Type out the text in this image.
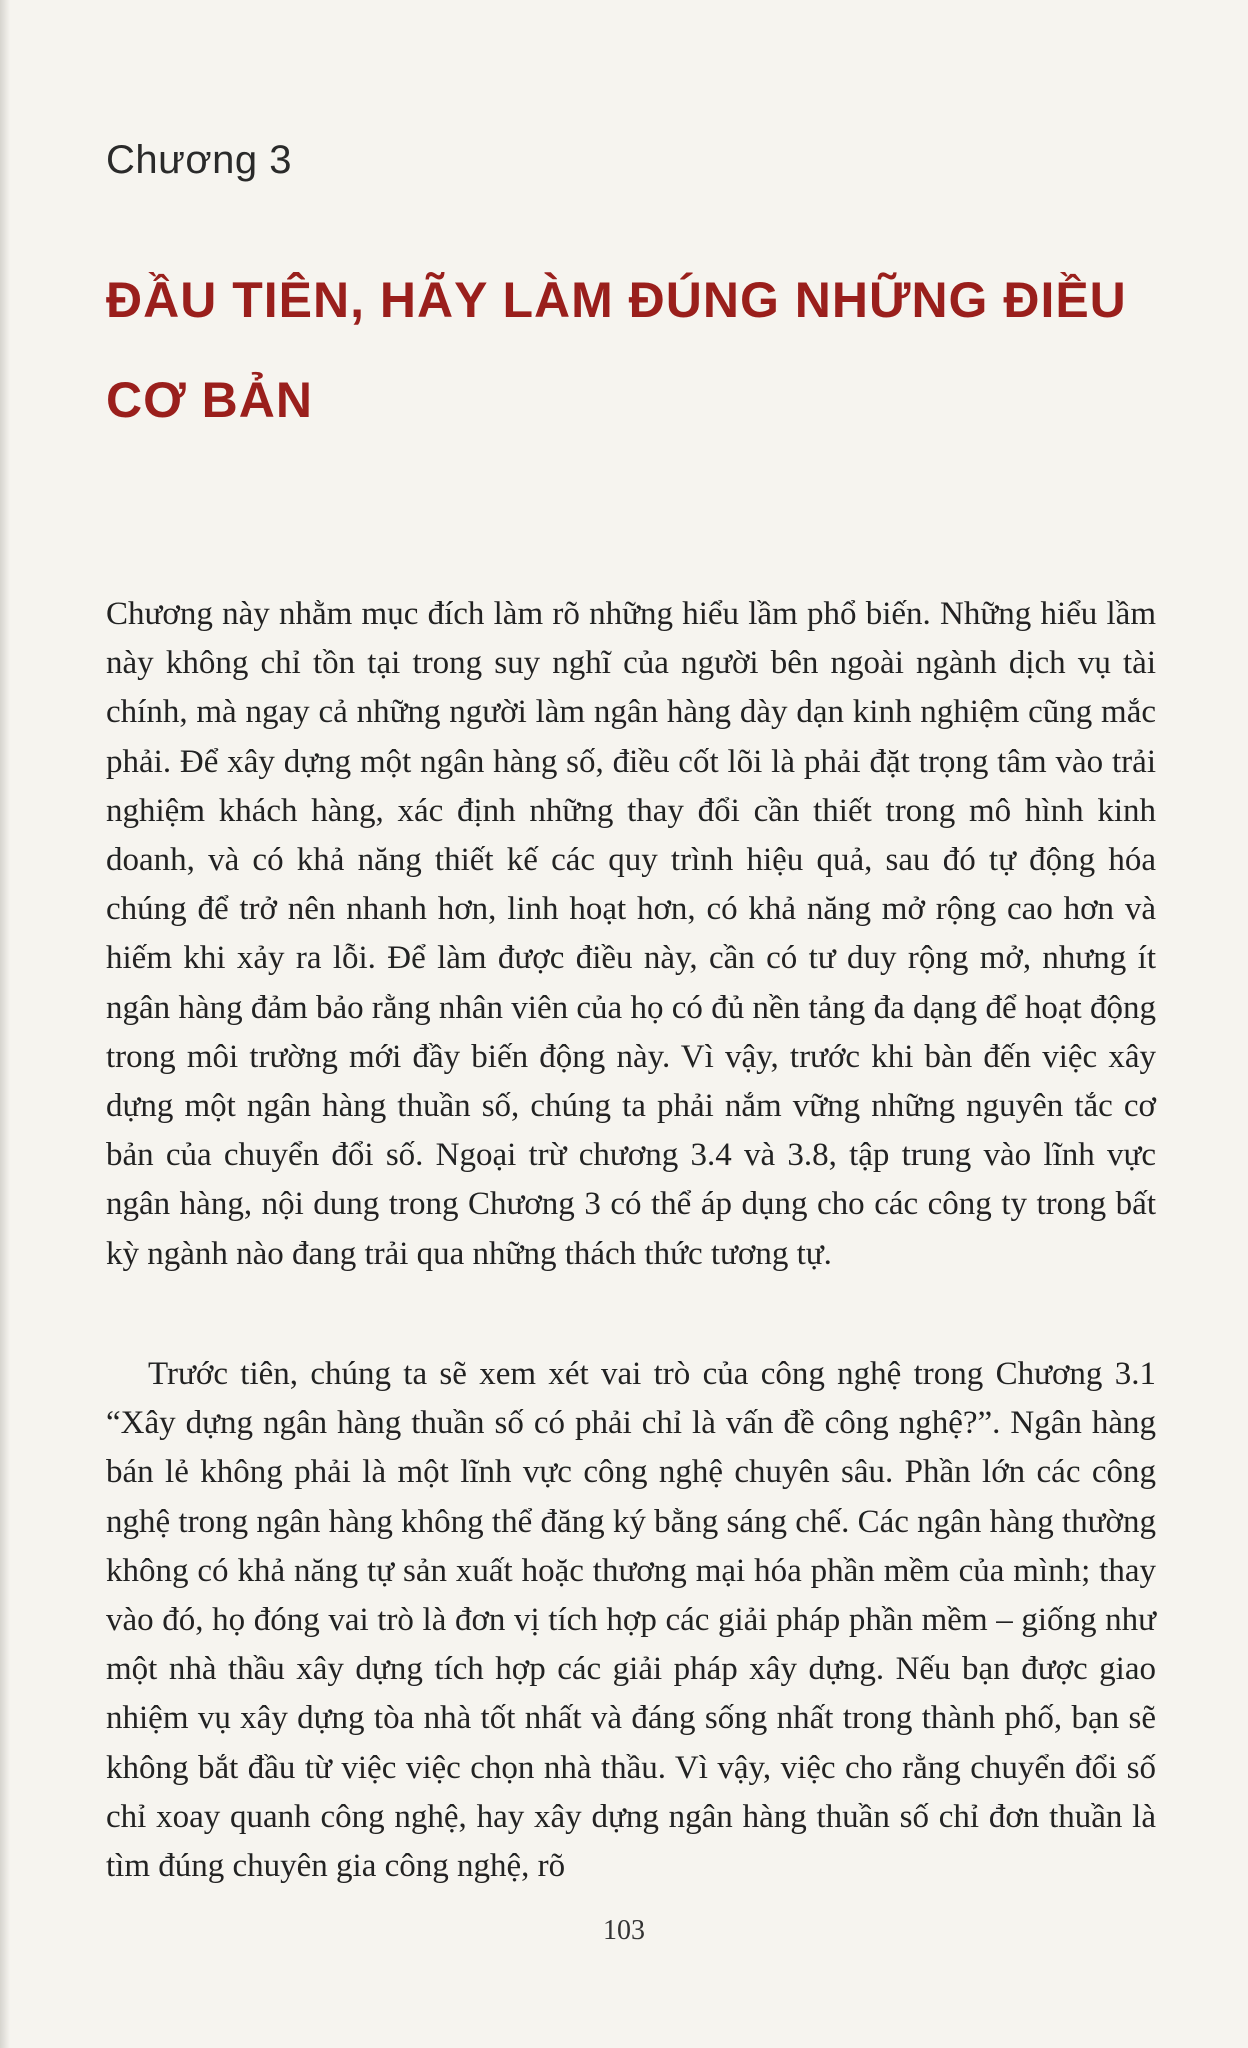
Chương 3
ĐẦU TIÊN, HÃY LÀM ĐÚNG NHỮNG ĐIỀU CƠ BẢN

Chương này nhằm mục đích làm rõ những hiểu lầm phổ biến. Những hiểu lầm này không chỉ tồn tại trong suy nghĩ của người bên ngoài ngành dịch vụ tài chính, mà ngay cả những người làm ngân hàng dày dạn kinh nghiệm cũng mắc phải. Để xây dựng một ngân hàng số, điều cốt lõi là phải đặt trọng tâm vào trải nghiệm khách hàng, xác định những thay đổi cần thiết trong mô hình kinh doanh, và có khả năng thiết kế các quy trình hiệu quả, sau đó tự động hóa chúng để trở nên nhanh hơn, linh hoạt hơn, có khả năng mở rộng cao hơn và hiếm khi xảy ra lỗi. Để làm được điều này, cần có tư duy rộng mở, nhưng ít ngân hàng đảm bảo rằng nhân viên của họ có đủ nền tảng đa dạng để hoạt động trong môi trường mới đầy biến động này. Vì vậy, trước khi bàn đến việc xây dựng một ngân hàng thuần số, chúng ta phải nắm vững những nguyên tắc cơ bản của chuyển đổi số. Ngoại trừ chương 3.4 và 3.8, tập trung vào lĩnh vực ngân hàng, nội dung trong Chương 3 có thể áp dụng cho các công ty trong bất kỳ ngành nào đang trải qua những thách thức tương tự.

Trước tiên, chúng ta sẽ xem xét vai trò của công nghệ trong Chương 3.1 “Xây dựng ngân hàng thuần số có phải chỉ là vấn đề công nghệ?”. Ngân hàng bán lẻ không phải là một lĩnh vực công nghệ chuyên sâu. Phần lớn các công nghệ trong ngân hàng không thể đăng ký bằng sáng chế. Các ngân hàng thường không có khả năng tự sản xuất hoặc thương mại hóa phần mềm của mình; thay vào đó, họ đóng vai trò là đơn vị tích hợp các giải pháp phần mềm – giống như một nhà thầu xây dựng tích hợp các giải pháp xây dựng. Nếu bạn được giao nhiệm vụ xây dựng tòa nhà tốt nhất và đáng sống nhất trong thành phố, bạn sẽ không bắt đầu từ việc việc chọn nhà thầu. Vì vậy, việc cho rằng chuyển đổi số chỉ xoay quanh công nghệ, hay xây dựng ngân hàng thuần số chỉ đơn thuần là tìm đúng chuyên gia công nghệ, rõ

103
